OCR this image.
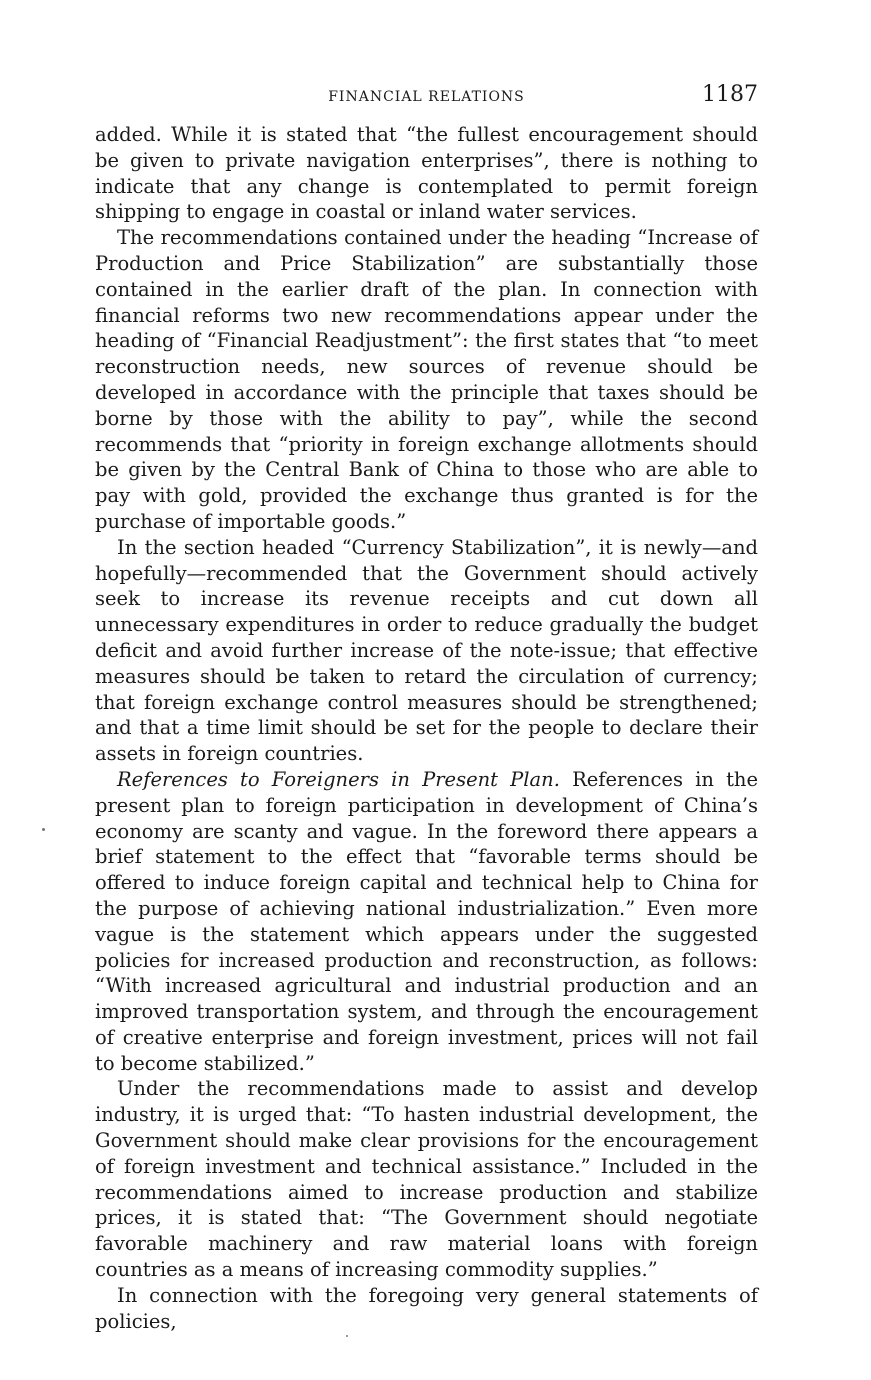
FINANCIAL RELATIONS	1187

added. While it is stated that “the fullest encouragement should be given to private navigation enterprises”, there is nothing to indicate that any change is contemplated to permit foreign shipping to engage in coastal or inland water services.

The recommendations contained under the heading “Increase of Production and Price Stabilization” are substantially those contained in the earlier draft of the plan. In connection with financial reforms two new recommendations appear under the heading of “Financial Readjustment”: the first states that “to meet reconstruction needs, new sources of revenue should be developed in accordance with the principle that taxes should be borne by those with the ability to pay”, while the second recommends that “priority in foreign exchange allotments should be given by the Central Bank of China to those who are able to pay with gold, provided the exchange thus granted is for the purchase of importable goods.”

In the section headed “Currency Stabilization”, it is newly—and hopefully—recommended that the Government should actively seek to increase its revenue receipts and cut down all unnecessary expenditures in order to reduce gradually the budget deficit and avoid further increase of the note-issue; that effective measures should be taken to retard the circulation of currency; that foreign exchange control measures should be strengthened; and that a time limit should be set for the people to declare their assets in foreign countries.

References to Foreigners in Present Plan. References in the present plan to foreign participation in development of China’s economy are scanty and vague. In the foreword there appears a brief statement to the effect that “favorable terms should be offered to induce foreign capital and technical help to China for the purpose of achieving national industrialization.” Even more vague is the statement which appears under the suggested policies for increased production and reconstruction, as follows: “With increased agricultural and industrial production and an improved transportation system, and through the encouragement of creative enterprise and foreign investment, prices will not fail to become stabilized.”

Under the recommendations made to assist and develop industry, it is urged that: “To hasten industrial development, the Government should make clear provisions for the encouragement of foreign investment and technical assistance.” Included in the recommendations aimed to increase production and stabilize prices, it is stated that: “The Government should negotiate favorable machinery and raw material loans with foreign countries as a means of increasing commodity supplies.”

In connection with the foregoing very general statements of policies,
